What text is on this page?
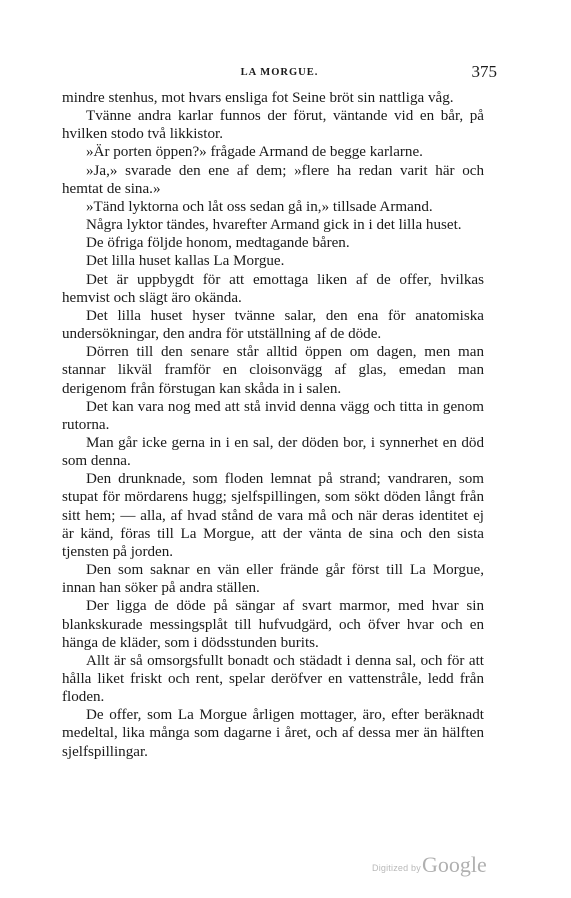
LA MORGUE.	375

mindre stenhus, mot hvars ensliga fot Seine bröt sin nattliga våg.

Tvänne andra karlar funnos der förut, väntande vid en bår, på hvilken stodo två likkistor.

»Är porten öppen?» frågade Armand de begge karlarne.

»Ja,» svarade den ene af dem; »flere ha redan varit här och hemtat de sina.»

»Tänd lyktorna och låt oss sedan gå in,» tillsade Armand.

Några lyktor tändes, hvarefter Armand gick in i det lilla huset.

De öfriga följde honom, medtagande båren.

Det lilla huset kallas La Morgue.

Det är uppbygdt för att emottaga liken af de offer, hvilkas hemvist och slägt äro okända.

Det lilla huset hyser tvänne salar, den ena för anatomiska undersökningar, den andra för utställning af de döde.

Dörren till den senare står alltid öppen om dagen, men man stannar likväl framför en cloisonvägg af glas, emedan man derigenom från förstugan kan skåda in i salen.

Det kan vara nog med att stå invid denna vägg och titta in genom rutorna.

Man går icke gerna in i en sal, der döden bor, i synnerhet en död som denna.

Den drunknade, som floden lemnat på strand; vandraren, som stupat för mördarens hugg; sjelfspillingen, som sökt döden långt från sitt hem; — alla, af hvad stånd de vara må och när deras identitet ej är känd, föras till La Morgue, att der vänta de sina och den sista tjensten på jorden.

Den som saknar en vän eller frände går först till La Morgue, innan han söker på andra ställen.

Der ligga de döde på sängar af svart marmor, med hvar sin blankskurade messingsplåt till hufvudgärd, och öfver hvar och en hänga de kläder, som i dödsstunden burits.

Allt är så omsorgsfullt bonadt och städadt i denna sal, och för att hålla liket friskt och rent, spelar deröfver en vattenstråle, ledd från floden.

De offer, som La Morgue årligen mottager, äro, efter beräknadt medeltal, lika många som dagarne i året, och af dessa mer än hälften sjelfspillingar.

Digitized by Google
